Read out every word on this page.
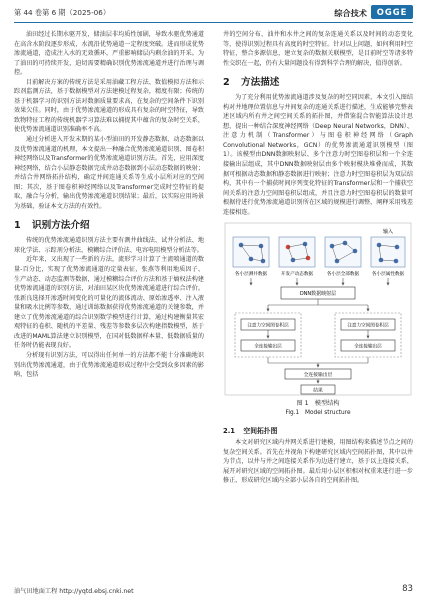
第 44 卷第 6 期（2025-06）	综合技术	OGGE

油田经过长期水驱开发，储油层非均质性加剧，导致水驱优势通道在高含水阶段逐步形成，水流沿优势通道一定程度突破。进而形成优势渗流通道，造成注入水的无效循环，严重影响储层内剩余油的开采。为了油田的可持续开发，迫切需要精确识别优势渗流通道并进行治理与调控。

目前解决方案的传统方法是采用油藏工程方法、数值模拟方法和示踪剂监测方法，基于数据模型对方法建模过程复杂，精度有限；传统的基于机器学习的识别方法对数据质量要求高，在复杂的空间条件下识别效果欠佳。同时，由于优势渗流通道的形成具有复杂的时空特征，导致致物特征工程的传统机器学习算法难以捕捉其中蕴含的复杂时空关系，使优势渗流通道识别准确率不高。

通过分析进入开发末期的某小型油田的开发静态数据、动态数据以及优势渗流通道的机理，本文提出一种融合优势渗流通道识别、图卷积神经网络以及Transformer的优势渗流通道识别方法。首先，应用深度神经网络，结合小层静态数据完成井动态数据到小层动态数据的映射；并结合井网络拓扑结构，确定并间连通关系等生成小层所对应的空间图；其次，基于图卷积神经网络以及Transformer完成时空特征的提取，融合与分析，输出优势渗流通道识别结果；最后，以实际应用场景为基础，验证本文方法的有效性。

1 识别方法介绍

传统的优势渗流通道识别方法主要有测井曲线法、试井分析法、地球化学法、示踪剂分析法、模糊综合评价法、电容电阻模型分析法等。

近年来，又出现了一些新的方法，流形学习计算了主流喷通道的数量-百分比，实现了优势渗流通道的定量表征，张燕等利用地质因子、生产动态、动态监测等数据，通过模糊综合评价方法和基于熵权法构建优势渗流通道的识别方法，对油田某区块优势渗流通道进行综合评价。张新良选择开渗透时间变化的可量化的流体流动、原始渗透率、注入液量和吸水比例等参数，通过训练数据获得优势渗流通道的关键参数，并建立了优势渗流通道的综合识别数学模型进行计算，通过构建衡量其宏观特征的卷积、随机的平差量、残差等参数多层次构建指数模型，基于改进的MAML算法建立识别模型，在国对低数据样本量、低数据质量的任务时仍能表现良好。

分析现有识别方法，可以得出任何单一的方法都不能十分准确地识别出优势渗流通道，由于优势渗流通道形成过程中会受到众多因素的影响，包括

井的空间分布、油井和水井之间的复杂连通关系以及时间的动态变化等，使得识别过程具有高度的时空特征。针对以上问题，如何利用时空特征，整合多源信息，建立复杂的数据关联模型，是目前时空等诸多特性交织在一起，仍有大量问题没有得到科学合理的解决，值得创新。

2 方法描述

为了充分利用优势渗流通道涉及复杂的时空同因素，本文引入图结构对井地理位置信息与井间复杂的连通关系进行描述，生成能够完整表述区域内所有井之间空间关系的拓扑图，并借鉴混合智能算法设计思想，提出一种结合深度神经网络（Deep Neural Networks，DNN）、注意力机制（Transformer）与图卷积神经网络（Graph Convolutional Networks，GCN）的优势渗流通道识别模型（图1）。该模型由DNN数据映射层、多个注意力时空图卷积层和一个全连接输出层组成，其中DNN数据映射层由多个映射模块堆叠而成，其数据可根据动态数据和静态数据进行映射；注意力时空图卷积层为双层结构，其中有一个捕获时间序列变化特征的Transformer层和一个捕获空间关系的注意力空间图卷积层组成，并且注意力时空图卷积层的数量可根据待进行优势渗流通道识别所在区域的规模进行调整，阐释采用残差连接相连。

输入
各小层测井数据	开发产动态数据	各小层全部数据	各小层属性数据
DNN数据映射层
注意力空间图卷积层
全连接输出层
注意力空间图卷积层
全连接输出层
全连接输出层
结果
图 1　模型结构
Fig.1　Model structure
2.1 空间拓扑图

本文对研究区域内井网关系进行建模，用图结构来描述节点之间的复杂空间关系。首先在井视角下构建研究区域内空间拓扑图，其中以井为节点，以井与井之间连接关系作为边进行建立，基于以上连接关系，展开对研究区域的空间拓扑图。最后用小层区积相对权重来进行进一步修正，形成研究区域内全部小层各自的空间拓扑图。

油气田地面工程 http://yqtd.ebsj.cnki.net	83
